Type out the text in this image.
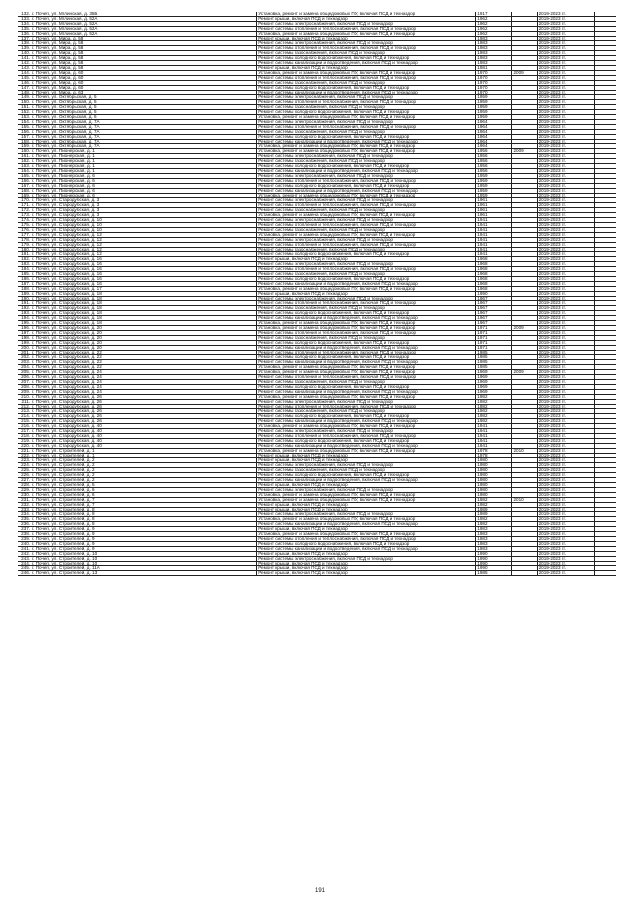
132.	г. Почеп, ул. Мглинская, д. 35Б	Установка, ремонт и замена общедомовых ПУ, включая ПСД и техназдор	1917		2019-2023 гг.	
133.	г. Почеп, ул. Мглинская, д. 52А	Ремонт крыши, включая ПСД и технадзор	1962		2019-2023 гг.	
134.	г. Почеп, ул. Мглинская, д. 52А	Ремонт системы электроснабжения, включая ПСД и технадзор	1962		2019-2023 гг.	
135.	г. Почеп, ул. Мглинская, д. 52А	Ремонт системы отопления и теплоснабжения, включая ПСД и технадзор	1962		2019-2023 гг.	
136.	г. Почеп, ул. Мглинская, д. 52А	Установка, ремонт и замена общедомовых ПУ, включая ПСД и технадзор	1962		2019-2023 гг.	
137.	г. Почеп, ул. Мира, д. 58	Ремонт крыши, включая ПСД и технадзор	1983		2019-2023 гг.	
138.	г. Почеп, ул. Мира, д. 58	Ремонт системы электроснабжения, включая ПСД и технадзор	1983		2019-2023 гг.	
139.	г. Почеп, ул. Мира, д. 58	Ремонт системы отопления и теплоснабжения, включая ПСД и технадзор	1983		2019-2023 гг.	
140.	г. Почеп, ул. Мира, д. 58	Ремонт системы газоснабжения, включая ПСД и технадзор	1983		2019-2023 гг.	
141.	г. Почеп, ул. Мира, д. 58	Ремонт системы холодного водоснабжения, включая ПСД и технадзор	1983		2019-2023 гг.	
142.	г. Почеп, ул. Мира, д. 58	Ремонт системы канализации и водоотведения, включая ПСД и технадзор	1983		2019-2023 гг.	
143.	г. Почеп, ул. Мира, д. 58	Ремонт крыши, включая ПСД и технадзор	1981		2019-2023 гг.	
144.	г. Почеп, ул. Мира, д. 60	Установка, ремонт и замена общедомовых ПУ, включая ПСД и технадзор	1970	2009	2019-2023 гг.	
145.	г. Почеп, ул. Мира, д. 60	Ремонт системы отопления и теплоснабжения, включая ПСД и технадзор	1970		2019-2023 гг.	
146.	г. Почеп, ул. Мира, д. 60	Ремонт системы газоснабжения, включая ПСД и технадзор	1970		2019-2023 гг.	
147.	г. Почеп, ул. Мира, д. 60	Ремонт системы холодного водоснабжения, включая ПСД и технадзор	1970		2019-2023 гг.	
148.	г. Почеп, ул. Мира, д. 63	Ремонт системы канализации и водоотведения, включая ПСД и технадзор	1970		2019-2023 гг.	
149.	г. Почеп, ул. Октябрьская, д. 5	Ремонт системы электроснабжения, включая ПСД и технадзор	1959		2019-2023 гг.	
150.	г. Почеп, ул. Октябрьская, д. 5	Ремонт системы отопления и теплоснабжения, включая ПСД и технадзор	1959		2019-2023 гг.	
151.	г. Почеп, ул. Октябрьская, д. 5	Ремонт системы газоснабжения, включая ПСД и технадзор	1959		2019-2023 гг.	
152.	г. Почеп, ул. Октябрьская, д. 5	Ремонт системы холодного водоснабжения, включая ПСД и технадзор	1959		2019-2023 гг.	
153.	г. Почеп, ул. Октябрьская, д. 5	Установка, ремонт и замена общедомовых ПУ, включая ПСД и технадзор	1959		2019-2023 гг.	
154.	г. Почеп, ул. Октябрьская, д. 7А	Ремонт системы электроснабжения, включая ПСД и технадзор	1964		2019-2023 гг.	
155.	г. Почеп, ул. Октябрьская, д. 7А	Ремонт системы отопления и теплоснабжения, включая ПСД и технадзор	1964		2019-2023 гг.	
156.	г. Почеп, ул. Октябрьская, д. 7А	Ремонт системы газоснабжения, включая ПСД и технадзор	1964		2019-2023 гг.	
157.	г. Почеп, ул. Октябрьская, д. 7А	Ремонт системы холодного водоснабжения, включая ПСД и технадзор	1964		2019-2023 гг.	
158.	г. Почеп, ул. Октябрьская, д. 7А	Ремонт системы канализации и водоотведения, включая ПСД и технадзор	1964		2019-2023 гг.	
159.	г. Почеп, ул. Октябрьская, д. 7А	Установка, ремонт и замена общедомовых ПУ, включая ПСД и технадзор	1964		2019-2023 гг.	
160.	г. Почеп, ул. Пионерская, д. 1	Установка, ремонт и замена общедомовых ПУ, включая ПСД и технадзор	1956	2009	2019-2023 гг.	
161.	г. Почеп, ул. Пионерская, д. 1	Ремонт системы электроснабжения, включая ПСД и технадзор	1956		2019-2023 гг.	
162.	г. Почеп, ул. Пионерская, д. 1	Ремонт системы газоснабжения, включая ПСД и технадзор	1956		2019-2023 гг.	
163.	г. Почеп, ул. Пионерская, д. 1	Ремонт системы холодного водоснабжения, включая ПСД и технадзор	1956		2019-2023 гг.	
164.	г. Почеп, ул. Пионерская, д. 1	Ремонт системы канализации и водоотведения, включая ПСД и технадзор	1956		2019-2023 гг.	
165.	г. Почеп, ул. Пионерская, д. 6	Ремонт системы электроснабжения, включая ПСД и технадзор	1959		2019-2023 гг.	
166.	г. Почеп, ул. Пионерская, д. 6	Ремонт системы отопления и теплоснабжения, включая ПСД и технадзор	1959		2019-2023 гг.	
167.	г. Почеп, ул. Пионерская, д. 6	Ремонт системы холодного водоснабжения, включая ПСД и технадзор	1959		2019-2023 гг.	
168.	г. Почеп, ул. Пионерская, д. 6	Ремонт системы канализации и водоотведения, включая ПСД и технадзор	1959		2019-2023 гг.	
169.	г. Почеп, ул. Пионерская, д. 6	Установка, ремонт и замена общедомовых ПУ, включая ПСД и технадзор	1959		2019-2023 гг.	
170.	г. Почеп, ул. Стародубская, д. 3	Ремонт системы электроснабжения, включая ПСД и технадзор	1961		2019-2023 гг.	
171.	г. Почеп, ул. Стародубская, д. 3	Ремонт системы отопления и теплоснабжения, включая ПСД и технадзор	1961		2019-2023 гг.	
172.	г. Почеп, ул. Стародубская, д. 3	Ремонт системы газоснабжения, включая ПСД и технадзор	1961		2019-2023 гг.	
173.	г. Почеп, ул. Стародубская, д. 3	Установка, ремонт и замена общедомовых ПУ, включая ПСД и технадзор	1961		2019-2023 гг.	
174.	г. Почеп, ул. Стародубская, д. 10	Ремонт системы электроснабжения, включая ПСД и технадзор	1941		2019-2023 гг.	
175.	г. Почеп, ул. Стародубская, д. 10	Ремонт системы отопления и теплоснабжения, включая ПСД и технадзор	1941		2019-2023 гг.	
176.	г. Почеп, ул. Стародубская, д. 10	Ремонт системы газоснабжения, включая ПСД и технадзор	1941		2019-2023 гг.	
177.	г. Почеп, ул. Стародубская, д. 12	Установка, ремонт и замена общедомовых ПУ, включая ПСД и технадзор	1941		2019-2023 гг.	
178.	г. Почеп, ул. Стародубская, д. 12	Ремонт системы электроснабжения, включая ПСД и технадзор	1941		2019-2023 гг.	
179.	г. Почеп, ул. Стародубская, д. 12	Ремонт системы отопления и теплоснабжения, включая ПСД и технадзор	1941		2019-2023 гг.	
180.	г. Почеп, ул. Стародубская, д. 12	Ремонт системы газоснабжения, включая ПСД и технадзор	1941		2019-2023 гг.	
181.	г. Почеп, ул. Стародубская, д. 12	Ремонт системы холодного водоснабжения, включая ПСД и технадзор	1941		2019-2023 гг.	
182.	г. Почеп, ул. Стародубская, д. 16	Ремонт крыши, включая ПСД и технадзор	1968		2019-2023 гг.	
183.	г. Почеп, ул. Стародубская, д. 16	Ремонт системы электроснабжения, включая ПСД и технадзор	1968		2019-2023 гг.	
184.	г. Почеп, ул. Стародубская, д. 16	Ремонт системы отопления и теплоснабжения, включая ПСД и технадзор	1968		2019-2023 гг.	
185.	г. Почеп, ул. Стародубская, д. 16	Ремонт системы газоснабжения, включая ПСД и технадзор	1968		2019-2023 гг.	
186.	г. Почеп, ул. Стародубская, д. 16	Ремонт системы холодного водоснабжения, включая ПСД и технадзор	1968		2019-2023 гг.	
187.	г. Почеп, ул. Стародубская, д. 16	Ремонт системы канализации и водоотведения, включая ПСД и технадзор	1968		2019-2023 гг.	
188.	г. Почеп, ул. Стародубская, д. 17	Установка, ремонт и замена общедомовых ПУ, включая ПСД и технадзор	1968		2019-2023 гг.	
189.	г. Почеп, ул. Стародубская, д. 18	Ремонт крыши, включая ПСД и технадзор	1990		2019-2023 гг.	
190.	г. Почеп, ул. Стародубская, д. 18	Ремонт системы электроснабжения, включая ПСД и технадзор	1967		2019-2023 гг.	
191.	г. Почеп, ул. Стародубская, д. 18	Ремонт системы отопления и теплоснабжения, включая ПСД и технадзор	1967		2019-2023 гг.	
192.	г. Почеп, ул. Стародубская, д. 18	Ремонт системы газоснабжения, включая ПСД и технадзор	1967		2019-2023 гг.	
193.	г. Почеп, ул. Стародубская, д. 18	Ремонт системы холодного водоснабжения, включая ПСД и технадзор	1967		2019-2023 гг.	
194.	г. Почеп, ул. Стародубская, д. 18	Ремонт системы канализации и водоотведения, включая ПСД и технадзор	1967		2019-2023 гг.	
195.	г. Почеп, ул. Стародубская, д. 18	Установка, ремонт и замена общедомовых ПУ, включая ПСД и технадзор	1967		2019-2023 гг.	
196.	г. Почеп, ул. Стародубская, д. 20	Установка, ремонт и замена общедомовых ПУ, включая ПСД и технадзор	1971	2009	2019-2023 гг.	
197.	г. Почеп, ул. Стародубская, д. 20	Ремонт системы отопления и теплоснабжения, включая ПСД и технадзор	1971		2019-2023 гг.	
198.	г. Почеп, ул. Стародубская, д. 20	Ремонт системы газоснабжения, включая ПСД и технадзор	1971		2019-2023 гг.	
199.	г. Почеп, ул. Стародубская, д. 20	Ремонт системы холодного водоснабжения, включая ПСД и технадзор	1971		2019-2023 гг.	
200.	г. Почеп, ул. Стародубская, д. 20	Ремонт системы канализации и водоотведения, включая ПСД и технадзор	1971		2019-2023 гг.	
201.	г. Почеп, ул. Стародубская, д. 22	Ремонт системы отопления и теплоснабжения, включая ПСД и технадзор	1985		2019-2023 гг.	
202.	г. Почеп, ул. Стародубская, д. 22	Ремонт системы холодного водоснабжения, включая ПСД и технадзор	1985		2019-2023 гг.	
203.	г. Почеп, ул. Стародубская, д. 22	Ремонт системы канализации и водоотведения, включая ПСД и технадзор	1985		2019-2023 гг.	
204.	г. Почеп, ул. Стародубская, д. 22	Установка, ремонт и замена общедомовых ПУ, включая ПСД и технадзор	1985		2019-2023 гг.	
205.	г. Почеп, ул. Стародубская, д. 24	Установка, ремонт и замена общедомовых ПУ, включая ПСД и технадзор	1969	2009	2019-2023 гг.	
206.	г. Почеп, ул. Стародубская, д. 24	Ремонт системы отопления и теплоснабжения, включая ПСД и технадзор	1969		2019-2023 гг.	
207.	г. Почеп, ул. Стародубская, д. 24	Ремонт системы газоснабжения, включая ПСД и технадзор	1969		2019-2023 гг.	
208.	г. Почеп, ул. Стародубская, д. 24	Ремонт системы холодного водоснабжения, включая ПСД и технадзор	1969		2019-2023 гг.	
209.	г. Почеп, ул. Стародубская, д. 24	Ремонт системы канализации и водоотведения, включая ПСД и технадзор	1969		2019-2023 гг.	
210.	г. Почеп, ул. Стародубская, д. 26	Установка, ремонт и замена общедомовых ПУ, включая ПСД и технадзор	1982		2019-2023 гг.	
211.	г. Почеп, ул. Стародубская, д. 26	Ремонт системы электроснабжения, включая ПСД и технадзор	1982		2019-2023 гг.	
212.	г. Почеп, ул. Стародубская, д. 26	Ремонт системы отопления и теплоснабжения, включая ПСД и технадзор	1982		2019-2023 гг.	
213.	г. Почеп, ул. Стародубская, д. 26	Ремонт системы газоснабжения, включая ПСД и технадзор	1982		2019-2023 гг.	
214.	г. Почеп, ул. Стародубская, д. 26	Ремонт системы холодного водоснабжения, включая ПСД и технадзор	1982		2019-2023 гг.	
215.	г. Почеп, ул. Стародубская, д. 26	Ремонт системы канализации и водоотведения, включая ПСД и технадзор	1982		2019-2023 гг.	
216.	г. Почеп, ул. Стародубская, д. 40	Установка, ремонт и замена общедомовых ПУ, включая ПСД и технадзор	1941		2019-2023 гг.	
217.	г. Почеп, ул. Стародубская, д. 40	Ремонт системы электроснабжения, включая ПСД и технадзор	1941		2019-2023 гг.	
218.	г. Почеп, ул. Стародубская, д. 40	Ремонт системы отопления и теплоснабжения, включая ПСД и технадзор	1941		2019-2023 гг.	
219.	г. Почеп, ул. Стародубская, д. 40	Ремонт системы холодного водоснабжения, включая ПСД и технадзор	1941		2019-2023 гг.	
220.	г. Почеп, ул. Стародубская, д. 40	Ремонт системы канализации и водоотведения, включая ПСД и технадзор	1941		2019-2023 гг.	
221.	г. Почеп, ул. Строителей, д. 1	Установка, ремонт и замена общедомовых ПУ, включая ПСД и технадзор	1978	2010	2019-2023 гг.	
222.	г. Почеп, ул. Строителей, д. 1	Ремонт крыши, включая ПСД и технадзор	1978		2019-2023 гг.	
223.	г. Почеп, ул. Строителей, д. 2	Ремонт крыши, включая ПСД и технадзор	1980		2019-2023 гг.	
224.	г. Почеп, ул. Строителей, д. 2	Ремонт системы электроснабжения, включая ПСД и технадзор	1980		2019-2023 гг.	
225.	г. Почеп, ул. Строителей, д. 2	Ремонт системы газоснабжения, включая ПСД и технадзор	1980		2019-2023 гг.	
226.	г. Почеп, ул. Строителей, д. 2	Ремонт системы холодного водоснабжения, включая ПСД и технадзор	1980		2019-2023 гг.	
227.	г. Почеп, ул. Строителей, д. 2	Ремонт системы канализации и водоотведения, включая ПСД и технадзор	1980		2019-2023 гг.	
228.	г. Почеп, ул. Строителей, д. 5	Ремонт крыши, включая ПСД и технадзор	1980		2019-2023 гг.	
229.	г. Почеп, ул. Строителей, д. 6	Ремонт системы электроснабжения, включая ПСД и технадзор	1980		2019-2023 гг.	
230.	г. Почеп, ул. Строителей, д. 6	Установка, ремонт и замена общедомовых ПУ, включая ПСД и технадзор	1980		2019-2023 гг.	
231.	г. Почеп, ул. Строителей, д. 7	Установка, ремонт и замена общедомовых ПУ, включая ПСД и технадзор	1982	2010	2019-2023 гг.	
232.	г. Почеп, ул. Строителей, д. 7	Ремонт крыши, включая ПСД и технадзор	1982		2019-2023 гг.	
233.	г. Почеп, ул. Строителей, д. 8	Ремонт крыши, включая ПСД и технадзор	1989		2019-2023 гг.	
234.	г. Почеп, ул. Строителей, д. 8	Ремонт системы электроснабжения, включая ПСД и технадзор	1989		2019-2023 гг.	
235.	г. Почеп, ул. Строителей, д. 8	Установка, ремонт и замена общедомовых ПУ, включая ПСД и технадзор	1982		2019-2023 гг.	
236.	г. Почеп, ул. Строителей, д. 8	Ремонт системы канализации и водоотведения, включая ПСД и технадзор	1982		2019-2023 гг.	
237.	г. Почеп, ул. Строителей, д. 9	Ремонт крыши, включая ПСД и технадзор	1983		2019-2023 гг.	
238.	г. Почеп, ул. Строителей, д. 9	Установка, ремонт и замена общедомовых ПУ, включая ПСД и технадзор	1983		2019-2023 гг.	
239.	г. Почеп, ул. Строителей, д. 9	Ремонт системы отопления и теплоснабжения, включая ПСД и технадзор	1983		2019-2023 гг.	
240.	г. Почеп, ул. Строителей, д. 9	Ремонт системы холодного водоснабжения, включая ПСД и технадзор	1983		2019-2023 гг.	
241.	г. Почеп, ул. Строителей, д. 9	Ремонт системы канализации и водоотведения, включая ПСД и технадзор	1983		2019-2023 гг.	
242.	г. Почеп, ул. Строителей, д. 10	Ремонт крыши, включая ПСД и технадзор	1990		2019-2023 гг.	
243.	г. Почеп, ул. Строителей, д. 10	Ремонт системы электроснабжения, включая ПСД и технадзор	1990		2019-2023 гг.	
244.	г. Почеп, ул. Строителей, д. 10	Ремонт крыши, включая ПСД и технадзор	1990		2019-2023 гг.	
245.	г. Почеп, ул. Строителей, д. 11А	Ремонт крыши, включая ПСД и технадзор	1990		2019-2023 гг.	
246.	г. Почеп, ул. Строителей, д. 13	Ремонт крыши, включая ПСД и технадзор	1985		2019-2023 гг.	
191
